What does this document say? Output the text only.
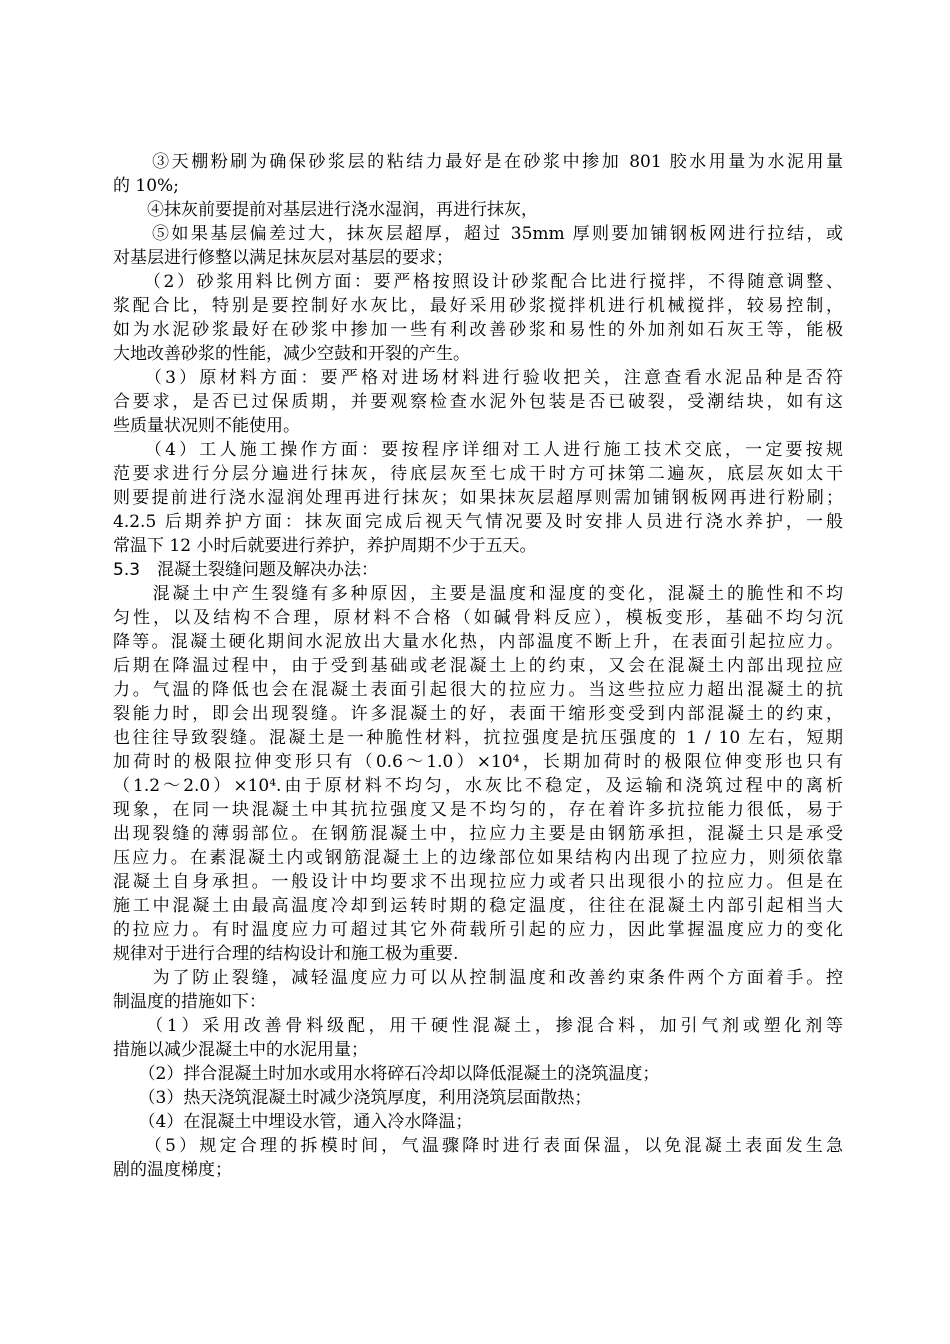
　　③天棚粉刷为确保砂浆层的粘结力最好是在砂浆中掺加 801 胶水用量为水泥用量
的 10%;
　　④抹灰前要提前对基层进行浇水湿润，再进行抹灰，
　　⑤如果基层偏差过大，抹灰层超厚，超过 35mm 厚则要加铺钢板网进行拉结，或
对基层进行修整以满足抹灰层对基层的要求；
　　（2）砂浆用料比例方面：要严格按照设计砂浆配合比进行搅拌，不得随意调整、
浆配合比，特别是要控制好水灰比，最好采用砂浆搅拌机进行机械搅拌，较易控制，
如为水泥砂浆最好在砂浆中掺加一些有利改善砂浆和易性的外加剂如石灰王等，能极
大地改善砂浆的性能，减少空鼓和开裂的产生。
　　（3）原材料方面：要严格对进场材料进行验收把关，注意查看水泥品种是否符
合要求，是否已过保质期，并要观察检查水泥外包装是否已破裂，受潮结块，如有这
些质量状况则不能使用。
　　（4）工人施工操作方面：要按程序详细对工人进行施工技术交底，一定要按规
范要求进行分层分遍进行抹灰，待底层灰至七成干时方可抹第二遍灰，底层灰如太干
则要提前进行浇水湿润处理再进行抹灰；如果抹灰层超厚则需加铺钢板网再进行粉刷；
4.2.5 后期养护方面：抹灰面完成后视天气情况要及时安排人员进行浇水养护，一般
常温下 12 小时后就要进行养护，养护周期不少于五天。
5.3　混凝土裂缝问题及解决办法：
　　混凝土中产生裂缝有多种原因，主要是温度和湿度的变化，混凝土的脆性和不均
匀性，以及结构不合理，原材料不合格（如碱骨料反应），模板变形，基础不均匀沉
降等。混凝土硬化期间水泥放出大量水化热，内部温度不断上升，在表面引起拉应力。
后期在降温过程中，由于受到基础或老混凝土上的约束，又会在混凝土内部出现拉应
力。气温的降低也会在混凝土表面引起很大的拉应力。当这些拉应力超出混凝土的抗
裂能力时，即会出现裂缝。许多混凝土的好，表面干缩形变受到内部混凝土的约束，
也往往导致裂缝。混凝土是一种脆性材料，抗拉强度是抗压强度的 1 / 10 左右，短期
加荷时的极限拉伸变形只有（0.6～1.0）×10⁴，长期加荷时的极限位伸变形也只有
（1.2～2.0）×10⁴.由于原材料不均匀，水灰比不稳定，及运输和浇筑过程中的离析
现象，在同一块混凝土中其抗拉强度又是不均匀的，存在着许多抗拉能力很低，易于
出现裂缝的薄弱部位。在钢筋混凝土中，拉应力主要是由钢筋承担，混凝土只是承受
压应力。在素混凝土内或钢筋混凝土上的边缘部位如果结构内出现了拉应力，则须依靠
混凝土自身承担。一般设计中均要求不出现拉应力或者只出现很小的拉应力。但是在
施工中混凝土由最高温度冷却到运转时期的稳定温度，往往在混凝土内部引起相当大
的拉应力。有时温度应力可超过其它外荷载所引起的应力，因此掌握温度应力的变化
规律对于进行合理的结构设计和施工极为重要.
　　为了防止裂缝，减轻温度应力可以从控制温度和改善约束条件两个方面着手。控
制温度的措施如下：
　　（1）采用改善骨料级配，用干硬性混凝土，掺混合料，加引气剂或塑化剂等
措施以减少混凝土中的水泥用量；
　　（2）拌合混凝土时加水或用水将碎石冷却以降低混凝土的浇筑温度；
　　（3）热天浇筑混凝土时减少浇筑厚度，利用浇筑层面散热；
　　（4）在混凝土中埋设水管，通入冷水降温；
　　（5）规定合理的拆模时间，气温骤降时进行表面保温，以免混凝土表面发生急
剧的温度梯度；
